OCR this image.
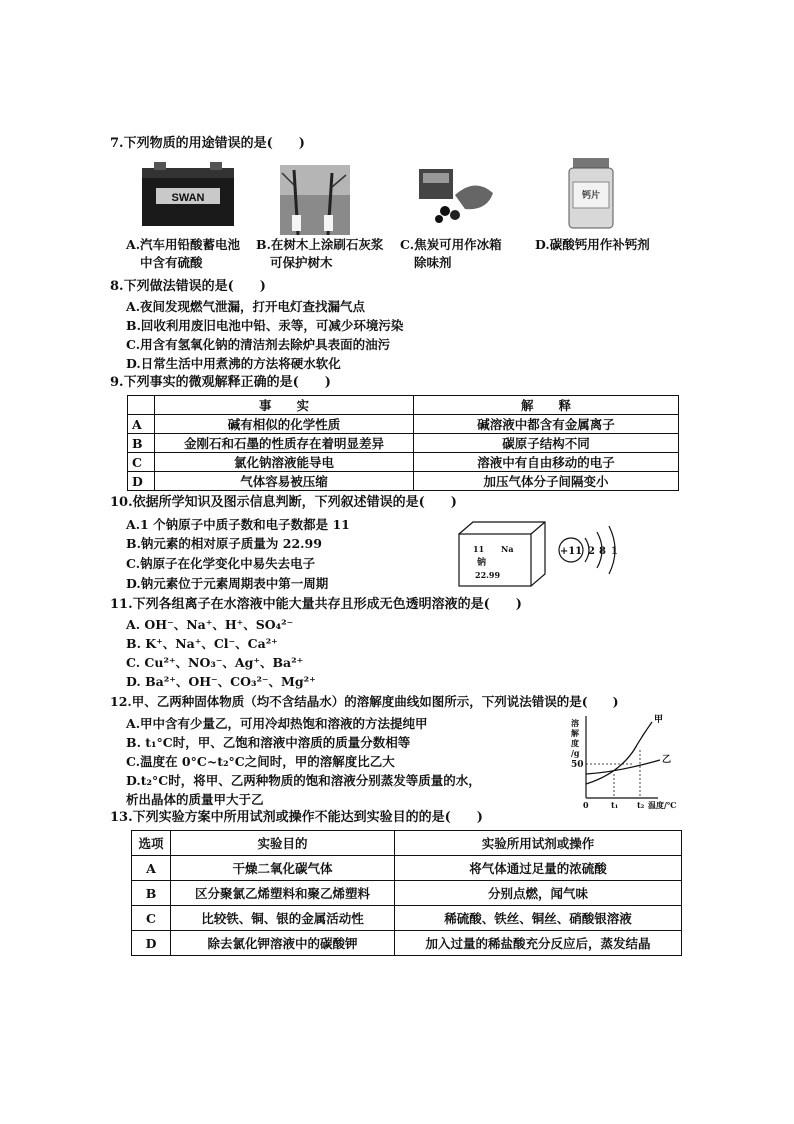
7.下列物质的用途错误的是(　　)
SWAN	钙片
A.汽车用铅酸蓄电池
中含有硫酸
B.在树木上涂刷石灰浆
可保护树木
C.焦炭可用作冰箱
除味剂
D.碳酸钙用作补钙剂
8.下列做法错误的是(　　)
A.夜间发现燃气泄漏，打开电灯查找漏气点
B.回收利用废旧电池中铅、汞等，可减少环境污染
C.用含有氢氧化钠的清洁剂去除炉具表面的油污
D.日常生活中用煮沸的方法将硬水软化
9.下列事实的微观解释正确的是(　　)
	事　　实	解　　释
A	碱有相似的化学性质	碱溶液中都含有金属离子
B	金刚石和石墨的性质存在着明显差异	碳原子结构不同
C	氯化钠溶液能导电	溶液中有自由移动的电子
D	气体容易被压缩	加压气体分子间隔变小
10.依据所学知识及图示信息判断，下列叙述错误的是(　　)
A.1 个钠原子中质子数和电子数都是 11
B.钠元素的相对原子质量为 22.99
C.钠原子在化学变化中易失去电子
D.钠元素位于元素周期表中第一周期
11 Na
钠
22.99
+11 2 8 1
11.下列各组离子在水溶液中能大量共存且形成无色透明溶液的是(　　)
A. OH⁻、Na⁺、H⁺、SO₄²⁻
B. K⁺、Na⁺、Cl⁻、Ca²⁺
C. Cu²⁺、NO₃⁻、Ag⁺、Ba²⁺
D. Ba²⁺、OH⁻、CO₃²⁻、Mg²⁺
12.甲、乙两种固体物质（均不含结晶水）的溶解度曲线如图所示，下列说法错误的是(　　)
A.甲中含有少量乙，可用冷却热饱和溶液的方法提纯甲
B. t₁°C时，甲、乙饱和溶液中溶质的质量分数相等
C.温度在 0°C~t₂°C之间时，甲的溶解度比乙大
D.t₂°C时，将甲、乙两种物质的饱和溶液分别蒸发等质量的水，
析出晶体的质量甲大于乙
溶
解
度
/g
50
甲
乙
0	t₁ t₂ 温度/℃
13.下列实验方案中所用试剂或操作不能达到实验目的的是(　　)
选项	实验目的	实验所用试剂或操作
A	干燥二氧化碳气体	将气体通过足量的浓硫酸
B	区分聚氯乙烯塑料和聚乙烯塑料	分别点燃，闻气味
C	比较铁、铜、银的金属活动性	稀硫酸、铁丝、铜丝、硝酸银溶液
D	除去氯化钾溶液中的碳酸钾	加入过量的稀盐酸充分反应后，蒸发结晶
